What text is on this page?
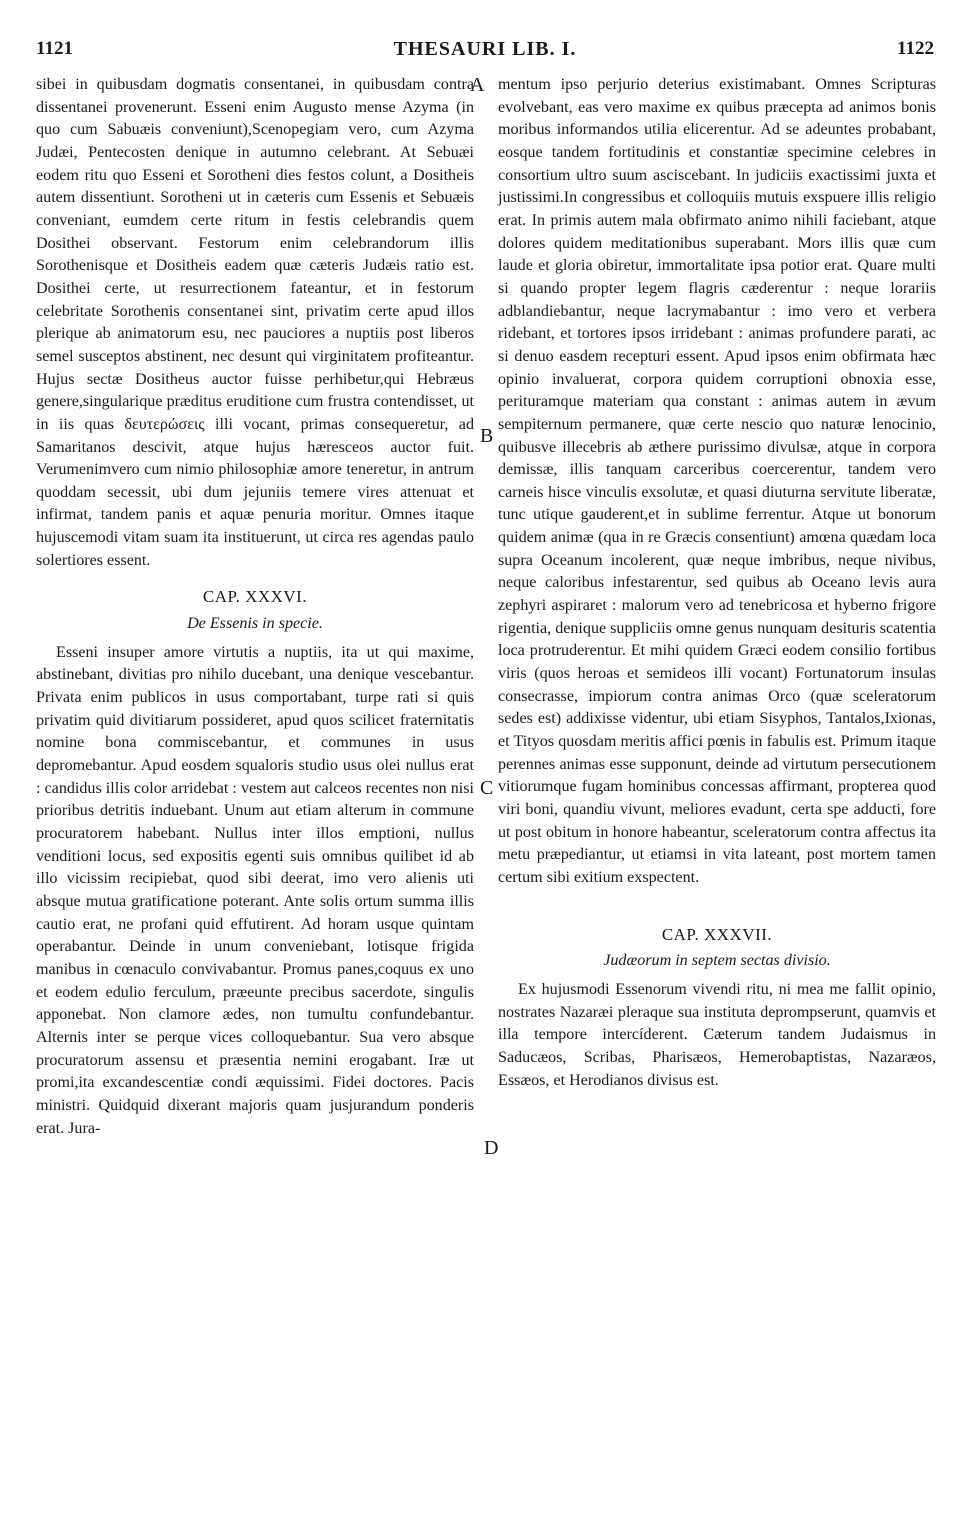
1121	THESAURI LIB. I.	1122
A
B
C
D

sibei in quibusdam dogmatis consentanei, in quibusdam contra dissentanei provenerunt. Esseni enim Augusto mense Azyma (in quo cum Sabuæis conveniunt),Scenopegiam vero, cum Azyma Judæi, Pentecosten denique in autumno celebrant. At Sebuæi eodem ritu quo Esseni et Sorotheni dies festos colunt, a Dositheis autem dissentiunt. Sorotheni ut in cæteris cum Essenis et Sebuæis conveniant, eumdem certe ritum in festis celebrandis quem Dosithei observant. Festorum enim celebrandorum illis Sorothenisque et Dositheis eadem quæ cæteris Judæis ratio est. Dosithei certe, ut resurrectionem fateantur, et in festorum celebritate Sorothenis consentanei sint, privatim certe apud illos plerique ab animatorum esu, nec pauciores a nuptiis post liberos semel susceptos abstinent, nec desunt qui virginitatem profiteantur. Hujus sectæ Dositheus auctor fuisse perhibetur,qui Hebræus genere,singularique præditus eruditione cum frustra contendisset, ut in iis quas δευτερώσεις illi vocant, primas consequeretur, ad Samaritanos descivit, atque hujus hæresceos auctor fuit. Verumenimvero cum nimio philosophiæ amore teneretur, in antrum quoddam secessit, ubi dum jejuniis temere vires attenuat et infirmat, tandem panis et aquæ penuria moritur. Omnes itaque hujuscemodi vitam suam ita instituerunt, ut circa res agendas paulo solertiores essent.

CAP. XXXVI.
De Essenis in specie.

Esseni insuper amore virtutis a nuptiis, ita ut qui maxime, abstinebant, divitias pro nihilo ducebant, una denique vescebantur. Privata enim publicos in usus comportabant, turpe rati si quis privatim quid divitiarum possideret, apud quos scilicet fraternitatis nomine bona commiscebantur, et communes in usus depromebantur. Apud eosdem squaloris studio usus olei nullus erat : candidus illis color arridebat : vestem aut calceos recentes non nisi prioribus detritis induebant. Unum aut etiam alterum in commune procuratorem habebant. Nullus inter illos emptioni, nullus venditioni locus, sed expositis egenti suis omnibus quilibet id ab illo vicissim recipiebat, quod sibi deerat, imo vero alienis uti absque mutua gratificatione poterant. Ante solis ortum summa illis cautio erat, ne profani quid effutirent. Ad horam usque quintam operabantur. Deinde in unum conveniebant, lotisque frigida manibus in cœnaculo convivabantur. Promus panes,coquus ex uno et eodem edulio ferculum, præeunte precibus sacerdote, singulis apponebat. Non clamore ædes, non tumultu confundebantur. Alternis inter se perque vices colloquebantur. Sua vero absque procuratorum assensu et præsentia nemini erogabant. Iræ ut promi,ita excandescentiæ condi æquissimi. Fidei doctores. Pacis ministri. Quidquid dixerant majoris quam jusjurandum ponderis erat. Jura-

mentum ipso perjurio deterius existimabant. Omnes Scripturas evolvebant, eas vero maxime ex quibus præcepta ad animos bonis moribus informandos utilia elicerentur. Ad se adeuntes probabant, eosque tandem fortitudinis et constantiæ specimine celebres in consortium ultro suum asciscebant. In judiciis exactissimi juxta et justissimi.In congressibus et colloquiis mutuis exspuere illis religio erat. In primis autem mala obfirmato animo nihili faciebant, atque dolores quidem meditationibus superabant. Mors illis quæ cum laude et gloria obiretur, immortalitate ipsa potior erat. Quare multi si quando propter legem flagris cæderentur : neque lorariis adblandiebantur, neque lacrymabantur : imo vero et verbera ridebant, et tortores ipsos irridebant : animas profundere parati, ac si denuo easdem recepturi essent. Apud ipsos enim obfirmata hæc opinio invaluerat, corpora quidem corruptioni obnoxia esse, perituramque materiam qua constant : animas autem in ævum sempiternum permanere, quæ certe nescio quo naturæ lenocinio, quibusve illecebris ab æthere purissimo divulsæ, atque in corpora demissæ, illis tanquam carceribus coercerentur, tandem vero carneis hisce vinculis exsolutæ, et quasi diuturna servitute liberatæ, tunc utique gauderent,et in sublime ferrentur. Atque ut bonorum quidem animæ (qua in re Græcis consentiunt) amœna quædam loca supra Oceanum incolerent, quæ neque imbribus, neque nivibus, neque caloribus infestarentur, sed quibus ab Oceano levis aura zephyri aspiraret : malorum vero ad tenebricosa et hyberno frigore rigentia, denique suppliciis omne genus nunquam desituris scatentia loca protruderentur. Et mihi quidem Græci eodem consilio fortibus viris (quos heroas et semideos illi vocant) Fortunatorum insulas consecrasse, impiorum contra animas Orco (quæ sceleratorum sedes est) addixisse videntur, ubi etiam Sisyphos, Tantalos,Ixionas, et Tityos quosdam meritis affici pœnis in fabulis est. Primum itaque perennes animas esse supponunt, deinde ad virtutum persecutionem vitiorumque fugam hominibus concessas affirmant, propterea quod viri boni, quandiu vivunt, meliores evadunt, certa spe adducti, fore ut post obitum in honore habeantur, sceleratorum contra affectus ita metu præpediantur, ut etiamsi in vita lateant, post mortem tamen certum sibi exitium exspectent.

CAP. XXXVII.
Judæorum in septem sectas divisio.

Ex hujusmodi Essenorum vivendi ritu, ni mea me fallit opinio, nostrates Nazaræi pleraque sua instituta deprompserunt, quamvis et illa tempore intercíderent. Cæterum tandem Judaismus in Saducæos, Scribas, Pharisæos, Hemerobaptistas, Nazaræos, Essæos, et Herodianos divisus est.
